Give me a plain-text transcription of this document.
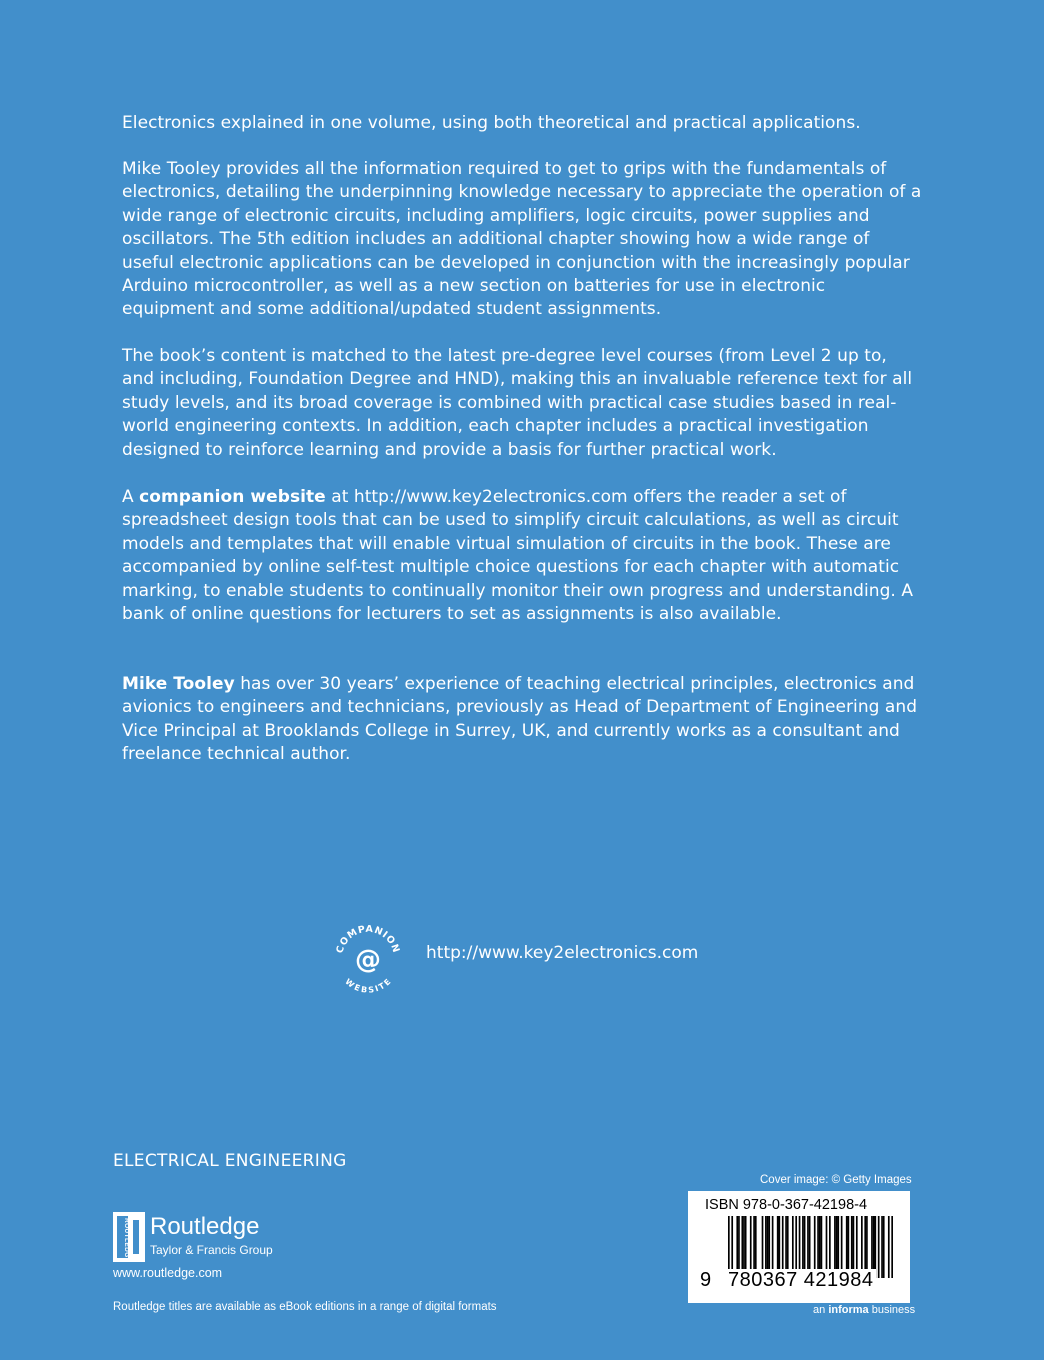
Electronics explained in one volume, using both theoretical and practical applications.

Mike Tooley provides all the information required to get to grips with the fundamentals of electronics, detailing the underpinning knowledge necessary to appreciate the operation of a wide range of electronic circuits, including amplifiers, logic circuits, power supplies and oscillators. The 5th edition includes an additional chapter showing how a wide range of useful electronic applications can be developed in conjunction with the increasingly popular Arduino microcontroller, as well as a new section on batteries for use in electronic equipment and some additional/updated student assignments.

The book’s content is matched to the latest pre-degree level courses (from Level 2 up to, and including, Foundation Degree and HND), making this an invaluable reference text for all study levels, and its broad coverage is combined with practical case studies based in real-world engineering contexts. In addition, each chapter includes a practical investigation designed to reinforce learning and provide a basis for further practical work.

A companion website at http://www.key2electronics.com offers the reader a set of spreadsheet design tools that can be used to simplify circuit calculations, as well as circuit models and templates that will enable virtual simulation of circuits in the book. These are accompanied by online self-test multiple choice questions for each chapter with automatic marking, to enable students to continually monitor their own progress and understanding. A bank of online questions for lecturers to set as assignments is also available.

Mike Tooley has over 30 years’ experience of teaching electrical principles, electronics and avionics to engineers and technicians, previously as Head of Department of Engineering and Vice Principal at Brooklands College in Surrey, UK, and currently works as a consultant and freelance technical author.

COMPANION
@
WEBSITE
http://www.key2electronics.com
ELECTRICAL ENGINEERING
ROUTLEDGE Routledge
Taylor & Francis Group
www.routledge.com
Routledge titles are available as eBook editions in a range of digital formats
Cover image: © Getty Images
ISBN 978-0-367-42198-4
9 780367 421984
an informa business
